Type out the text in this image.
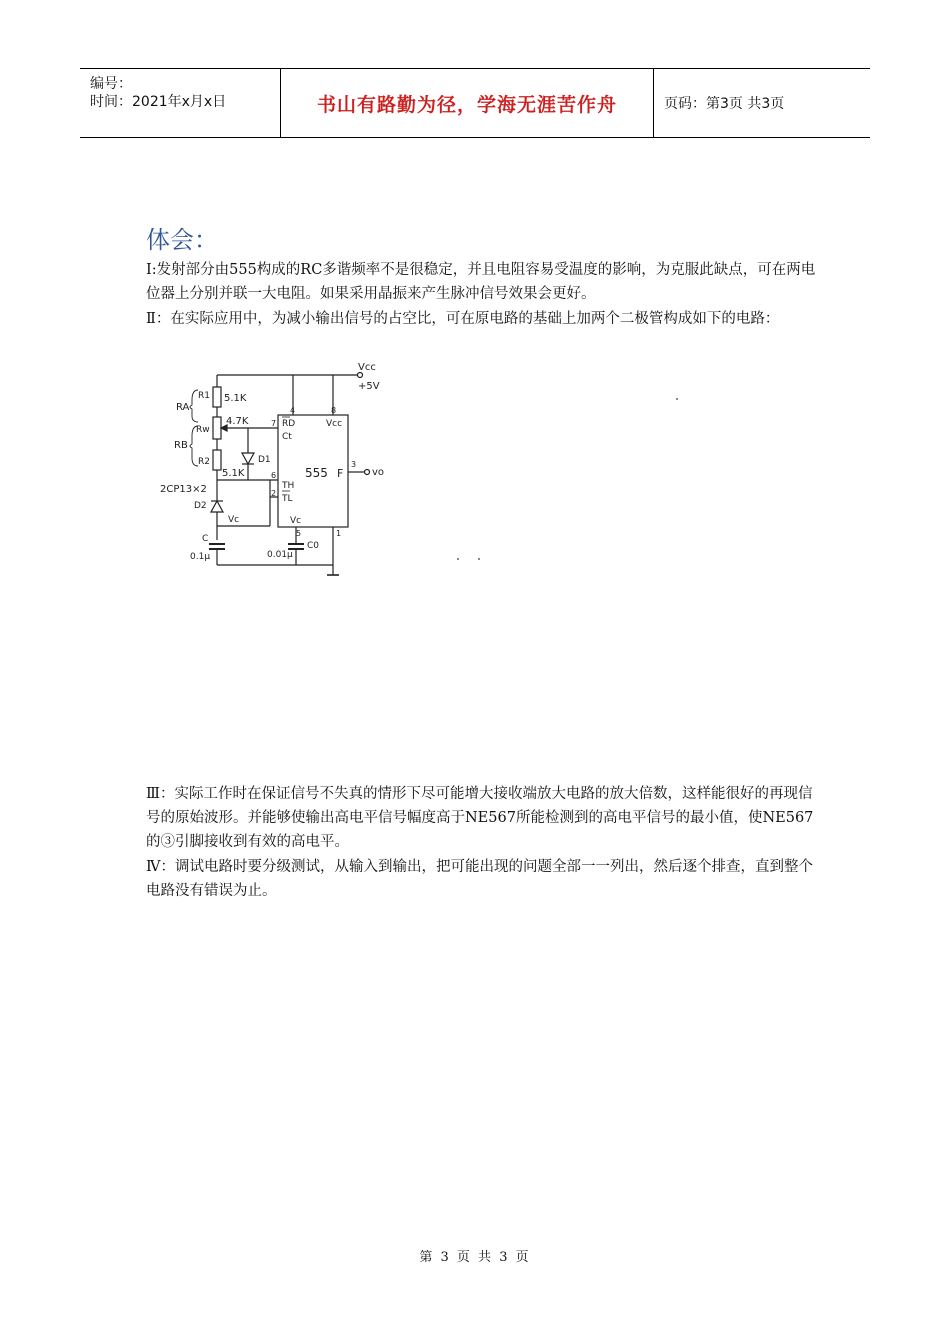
编号：
时间：2021年x月x日	书山有路勤为径，学海无涯苦作舟	页码：第3页 共3页
体会：

Ⅰ:发射部分由555构成的RC多谐频率不是很稳定，并且电阻容易受温度的影响，为克服此缺点，可在两电位器上分别并联一大电阻。如果采用晶振来产生脉冲信号效果会更好。

Ⅱ：在实际应用中，为减小输出信号的占空比，可在原电路的基础上加两个二极管构成如下的电路：

Vcc
+5V
555
4	8
7
6
2
3
5	1
RD	Vcc
Ct
TH
TL
Vc
F	vo
RA
RB
R1 5.1K
Rw
4.7K
R2
5.1K
D1
2CP13×2
D2
Vc
C
0.1μ	0.01μ
C0

Ⅲ：实际工作时在保证信号不失真的情形下尽可能增大接收端放大电路的放大倍数，这样能很好的再现信号的原始波形。并能够使输出高电平信号幅度高于NE567所能检测到的高电平信号的最小值，使NE567的③引脚接收到有效的高电平。

Ⅳ：调试电路时要分级测试，从输入到输出，把可能出现的问题全部一一列出，然后逐个排查，直到整个电路没有错误为止。

第 3 页 共 3 页
